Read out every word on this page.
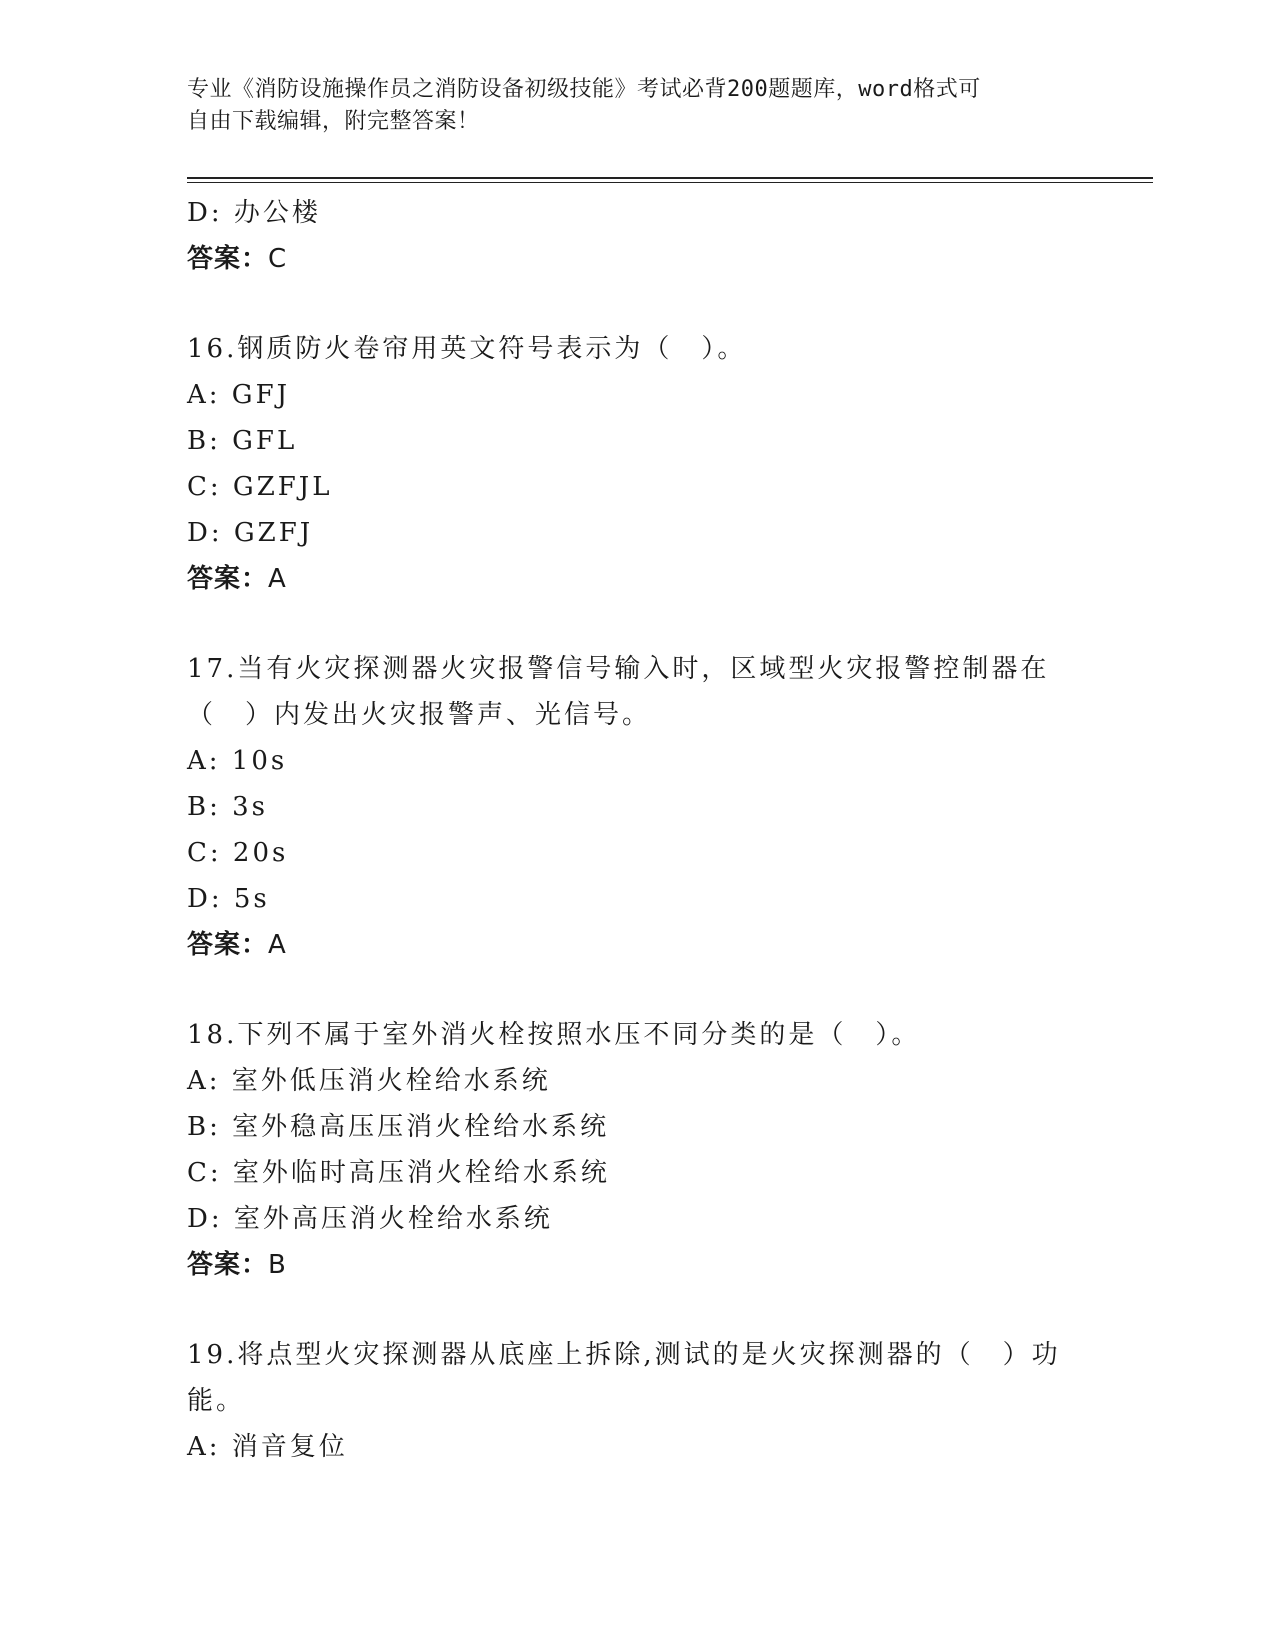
专业《消防设施操作员之消防设备初级技能》考试必背200题题库，word格式可
自由下载编辑，附完整答案！
D: 办公楼
答案：C
16.钢质防火卷帘用英文符号表示为（　）。
A: GFJ
B: GFL
C: GZFJL
D: GZFJ
答案：A
17.当有火灾探测器火灾报警信号输入时，区域型火灾报警控制器在（　）内发出火灾报警声、光信号。
A: 10s
B: 3s
C: 20s
D: 5s
答案：A
18.下列不属于室外消火栓按照水压不同分类的是（　）。
A: 室外低压消火栓给水系统
B: 室外稳高压压消火栓给水系统
C: 室外临时高压消火栓给水系统
D: 室外高压消火栓给水系统
答案：B
19.将点型火灾探测器从底座上拆除,测试的是火灾探测器的（　）功能。
A: 消音复位
